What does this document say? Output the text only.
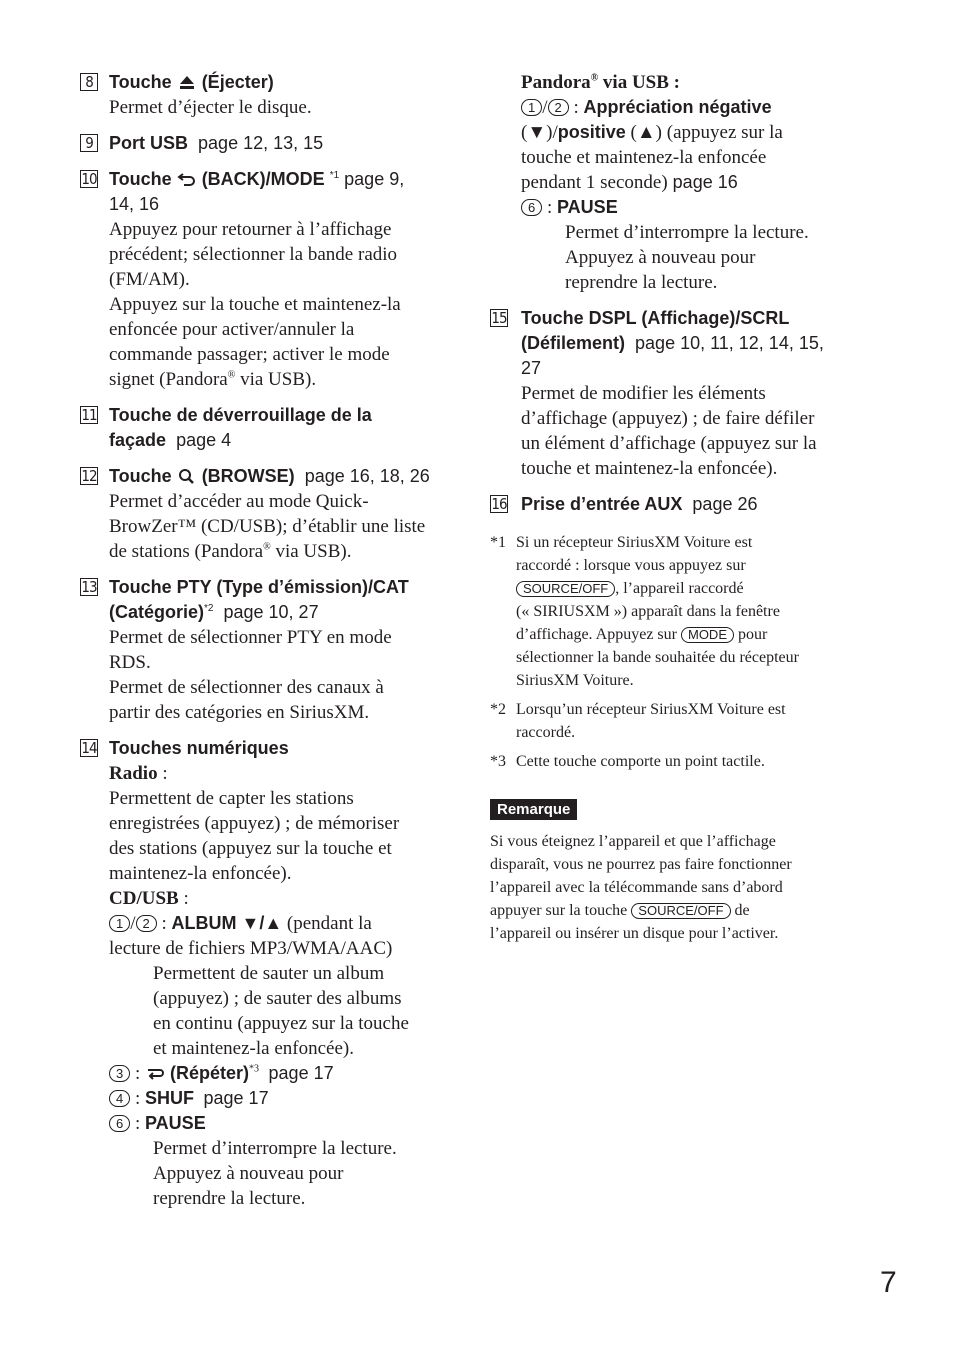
8 Touche  (Éjecter)
Permet d’éjecter le disque.
9 Port USB page 12, 13, 15
10 Touche  (BACK)/MODE $^{*1}$ page 9,
14, 16
Appuyez pour retourner à l’affichage
précédent; sélectionner la bande radio
(FM/AM).
Appuyez sur la touche et maintenez-la
enfoncée pour activer/annuler la
commande passager; activer le mode
signet (Pandora® via USB).
11 Touche de déverrouillage de la
façade page 4
12 Touche  (BROWSE) page 16, 18, 26
Permet d’accéder au mode Quick-
BrowZer™ (CD/USB); d’établir une liste
de stations (Pandora® via USB).
13 Touche PTY (Type d’émission)/CAT
(Catégorie)$^{*2}$ page 10, 27
Permet de sélectionner PTY en mode
RDS.
Permet de sélectionner des canaux à
partir des catégories en SiriusXM.
14 Touches numériques
Radio :
Permettent de capter les stations
enregistrées (appuyez) ; de mémoriser
des stations (appuyez sur la touche et
maintenez-la enfoncée).
CD/USB :
1 / 2 : ALBUM ▼/▲ (pendant la
lecture de fichiers MP3/WMA/AAC)
Permettent de sauter un album
(appuyez) ; de sauter des albums
en continu (appuyez sur la touche
et maintenez-la enfoncée).
3 :  (Répéter)$^{*3}$ page 17
4 : SHUF page 17
6 : PAUSE
Permet d’interrompre la lecture.
Appuyez à nouveau pour
reprendre la lecture.
Pandora® via USB :
1 / 2 : Appréciation négative
(▼)/positive (▲) (appuyez sur la
touche et maintenez-la enfoncée
pendant 1 seconde) page 16
6 : PAUSE
Permet d’interrompre la lecture.
Appuyez à nouveau pour
reprendre la lecture.
15 Touche DSPL (Affichage)/SCRL
(Défilement) page 10, 11, 12, 14, 15,
27
Permet de modifier les éléments
d’affichage (appuyez) ; de faire défiler
un élément d’affichage (appuyez sur la
touche et maintenez-la enfoncée).
16 Prise d’entrée AUX page 26
*1 Si un récepteur SiriusXM Voiture est
raccordé : lorsque vous appuyez sur
SOURCE/OFF , l’appareil raccordé
(« SIRIUSXM ») apparaît dans la fenêtre
d’affichage. Appuyez sur MODE pour
sélectionner la bande souhaitée du récepteur
SiriusXM Voiture.
*2 Lorsqu’un récepteur SiriusXM Voiture est
raccordé.
*3 Cette touche comporte un point tactile.
Remarque
Si vous éteignez l’appareil et que l’affichage
disparaît, vous ne pourrez pas faire fonctionner
l’appareil avec la télécommande sans d’abord
appuyer sur la touche SOURCE/OFF de
l’appareil ou insérer un disque pour l’activer.
7
